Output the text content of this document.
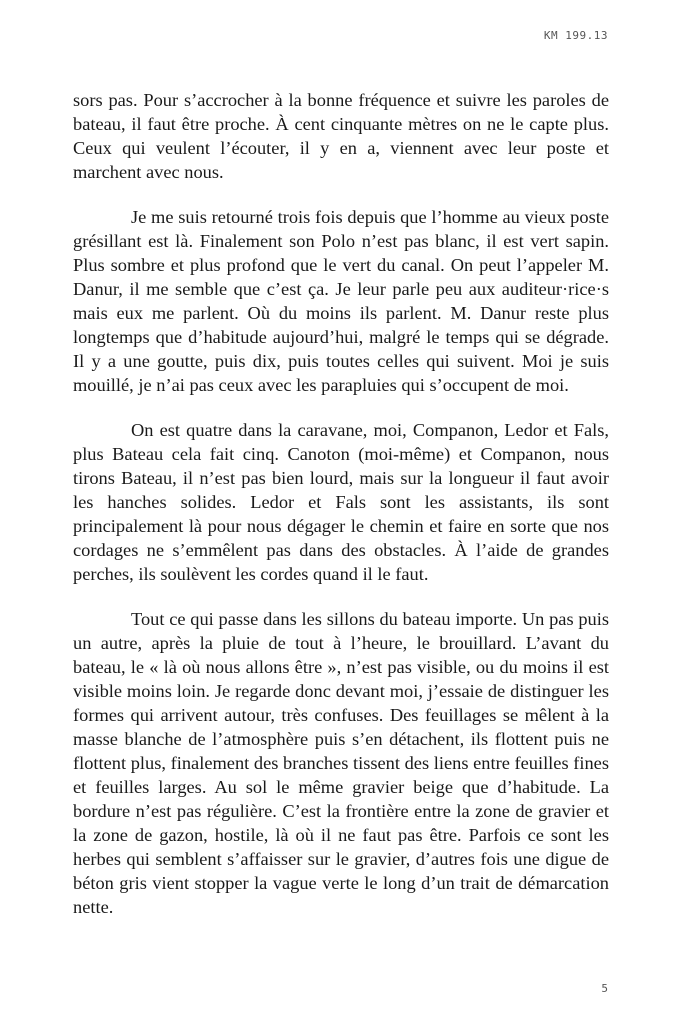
KM 199.13

sors pas. Pour s’accrocher à la bonne fréquence et suivre les paroles de bateau, il faut être proche. À cent cinquante mètres on ne le capte plus. Ceux qui veulent l’écouter, il y en a, viennent avec leur poste et marchent avec nous.

Je me suis retourné trois fois depuis que l’homme au vieux poste grésillant est là. Finalement son Polo n’est pas blanc, il est vert sapin. Plus sombre et plus profond que le vert du canal. On peut l’appeler M. Danur, il me semble que c’est ça. Je leur parle peu aux auditeur·rice·s mais eux me parlent. Où du moins ils parlent. M. Danur reste plus longtemps que d’habitude aujourd’hui, malgré le temps qui se dégrade. Il y a une goutte, puis dix, puis toutes celles qui suivent. Moi je suis mouillé, je n’ai pas ceux avec les parapluies qui s’occupent de moi.

On est quatre dans la caravane, moi, Companon, Ledor et Fals, plus Bateau cela fait cinq. Canoton (moi-même) et Companon, nous tirons Bateau, il n’est pas bien lourd, mais sur la longueur il faut avoir les hanches solides. Ledor et Fals sont les assistants, ils sont principalement là pour nous dégager le chemin et faire en sorte que nos cordages ne s’emmêlent pas dans des obstacles. À l’aide de grandes perches, ils soulèvent les cordes quand il le faut.

Tout ce qui passe dans les sillons du bateau importe. Un pas puis un autre, après la pluie de tout à l’heure, le brouillard. L’avant du bateau, le « là où nous allons être », n’est pas visible, ou du moins il est visible moins loin. Je regarde donc devant moi, j’essaie de distinguer les formes qui arrivent autour, très confuses. Des feuillages se mêlent à la masse blanche de l’atmosphère puis s’en détachent, ils flottent puis ne flottent plus, finalement des branches tissent des liens entre feuilles fines et feuilles larges. Au sol le même gravier beige que d’habitude. La bordure n’est pas régulière. C’est la frontière entre la zone de gravier et la zone de gazon, hostile, là où il ne faut pas être. Parfois ce sont les herbes qui semblent s’affaisser sur le gravier, d’autres fois une digue de béton gris vient stopper la vague verte le long d’un trait de démarcation nette.

5
